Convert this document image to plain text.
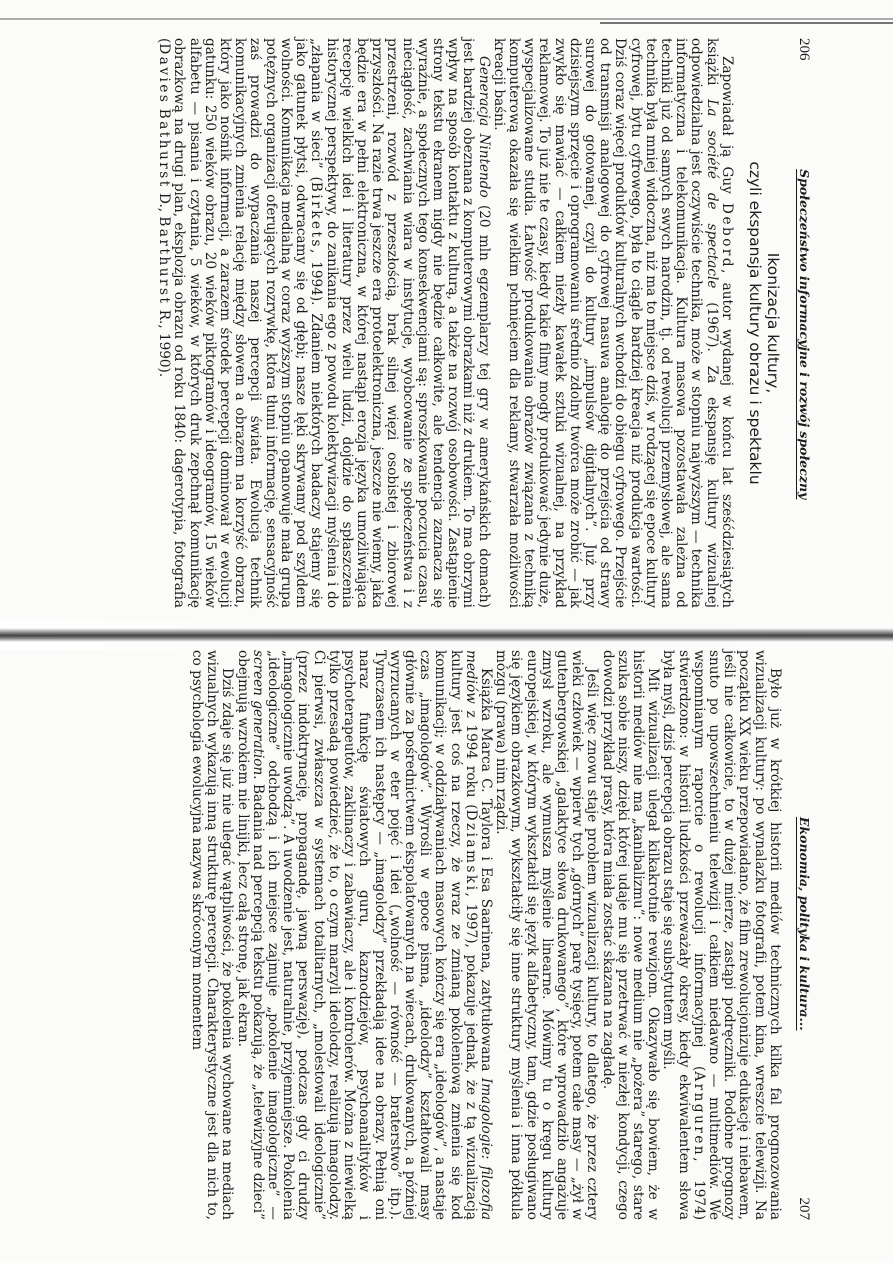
206
Społeczeństwo informacyjne i rozwój społeczny
Ikonizacja kultury,
czyli ekspansja kultury obrazu i spektaklu

Zapowiadał ją Guy Debord, autor wydanej w końcu lat sześćdziesiątych książki La société de spectacle (1967). Za ekspansję kultury wizualnej odpowiedzialna jest oczywiście technika, może w stopniu najwyższym — technika informatyczna i telekomunikacja. Kultura masowa pozostawała zależna od techniki już od samych swych narodzin, tj. od rewolucji przemysłowej, ale sama technika była mniej widoczna, niż ma to miejsce dziś, w rodzącej się epoce kultury cyfrowej, bytu cyfrowego, była to ciągle bardziej kreacja niż produkcja wartości. Dziś coraz więcej produktów kulturalnych wchodzi do obiegu cyfrowego. Przejście od transmisji analogowej do cyfrowej nasuwa analogię do przejścia od strawy surowej do gotowanej, czyli do kultury „impulsów digitalnych”. Już przy dzisiejszym sprzęcie i oprogramowaniu średnio zdolny twórca może zrobić — jak zwykło się mawiać — całkiem niezły kawałek sztuki wizualnej, na przykład reklamowej. To już nie te czasy, kiedy takie filmy mogły produkować jedynie duże, wyspecjalizowane studia. Łatwość produkowania obrazów związana z techniką komputerową okazała się wielkim pchnięciem dla reklamy, stwarzała możliwości kreacji baśni.

Generacja Nintendo (20 mln egzemplarzy tej gry w amerykańskich domach) jest bardziej obeznana z komputerowymi obrazkami niż z drukiem. To ma obrzymi wpływ na sposób kontaktu z kulturą, a także na rozwój osobowości. Zastąpienie strony tekstu ekranem nigdy nie będzie całkowite, ale tendencja zaznacza się wyraźnie, a społecznych tego konsekwencjami są: sproszkowanie poczucia czasu, nieciągłość, zachwiania wiara w instytucje, wyobcowanie ze społeczeństwa i z przestrzeni, rozwód z przeszłością, brak silnej więzi osobistej i zbiorowej przyszłości. Na razie trwa jeszcze era protoelektroniczna, jeszcze nie wiemy, jaka będzie era w pełni elektroniczna, w której nastąpi erozja języka umożliwiająca recepcję wielkich idei i literatury przez wielu ludzi, dojdzie do spłaszczenia historycznej perspektywy, do zanikania ego z powodu kolektywizacji myślenia i do „złapania w sieci” (Birkets, 1994). Zdaniem niektórych badaczy stajemy się jako gatunek płytsi, odwracamy się od głębi; nasze lęki skrywamy pod szyldem wolności. Komunikacja medialną w coraz wyższym stopniu opanowuje mała grupa potężnych organizacji oferujących rozrywkę, która tłumi informację, sensacyjność zaś prowadzi do wypaczania naszej percepcji świata. Ewolucja technik komunikacyjnych zmienia relację między słowem a obrazem na korzyść obrazu, który jako nośnik informacji, a zarazem środek percepcji dominował w ewolucji gatunku: 250 wieków obrazu, 20 wieków piktogramów i ideogramów, 15 wieków alfabetu — pisania i czytania, 5 wieków, w których druk zepchnął komunikację obrazkową na drugi plan, eksplozja obrazu od roku 1840: dagerotypia, fotografia (Davies Bathurst D., Barthurst R., 1990).

Ekonomia, polityka i kultura...
207

Było już w krótkiej historii mediów technicznych kilka fal prognozowania wizualizacji kultury: po wynalazku fotografii, potem kina, wreszcie telewizji. Na początku XX wieku przepowiadano, że film zrewolucjonizuje edukację i niebawem, jeśli nie całkowicie, to w dużej mierze, zastąpi podręczniki. Podobne prognozy snuto po upowszechnieniu telewizji i całkiem niedawno — multimediów. We wspomnianym raporcie o rewolucji informacyjnej (Arnguren, 1974) stwierdzono: w historii ludzkości przeważały okresy, kiedy ekwiwalentem słowa była myśl, dziś percepcja obrazu staje się substytutem myśli.

Mit wizualizacji ulegał kilkakrotnie rewizjom. Okazywało się bowiem, że w historii mediów nie ma „kanibalizmu”: nowe medium nie „pożera” starego, stare szuka sobie niszy, dzięki której udaje mu się przetrwać w niezłej kondycji, czego dowodzi przykład prasy, która miała zostać skazana na zagładę.

Jeśli więc znowu staje problem wizualizacji kultury, to dlatego, że przez cztery wieki człowiek — wpierw tych „górnych” parę tysięcy, potem całe masy — „żył w gutenbergowskiej „galaktyce słowa drukowanego”, które wprowadziło angażuje zmysł wzroku, ale wymusza myślenie linearne. Mówimy tu o kręgu kultury europejskiej, w którym wykształcił się język alfabetyczny, tam, gdzie posługiwano się językiem obrazkowym, wykształciły się inne struktury myślenia i inna półkula mózgu (prawa) nim rządzi.

Książka Marca C. Taylora i Esa Saarinena, zatytułowana Imagologie: filozofia mediów z 1994 roku (Dziamski, 1997), pokazuje jednak, że z tą wizualizacją kultury jest coś na rzeczy, że wraz ze zmianą pokoleniową zmienia się kod komunikacji; w oddziaływaniach masowych kończy się era „ideologów”, a nastaje czas „imagologów”. Wyrośli w epoce pisma, „ideolodzy” kształtowali masy głównie za pośrednictwem ekspolatowanych na wiecach, drukowanych, a później wyrzucanych w eter pojęć i idei („wolność — równość — braterstwo” itp.). Tymczasem ich następcy — „imagolodzy” przekładają idee na obrazy. Pełnią oni naraz funkcję światowych guru, kaznodziejów, psychoanalityków i psychoterapeutów, zaklinaczy i zabawiaczy, ale i kontrolerów. Można z niewielką tylko przesadą powiedzieć, że to, o czym marzyli ideolodzy, realizują imagolodzy. Ci pierwsi, zwłaszcza w systemach totalitarnych, „molestowali ideologicznie” (przez indoktrynację, propagandę, jawną perswazję), podczas gdy ci drudzy „imagologicznie uwodzą”. A uwodzenie jest, naturalnie, przyjemniejsze. Pokolenia „ideologiczne” odchodzą i ich miejsce zajmuje „pokolenie imagologiczne” — screen generation. Badania nad percepcją tekstu pokazują, że „telewizyjne dzieci” obejmują wzrokiem nie linijki, lecz całą stronę, jak ekran.

Dziś zdaje się już nie ulegać wątpliwości, że pokolenia wychowane na mediach wizualnych wykazują inną strukturę percepcji. Charakterystyczne jest dla nich to, co psychologia ewolucyjna nazywa skróconym momentem
